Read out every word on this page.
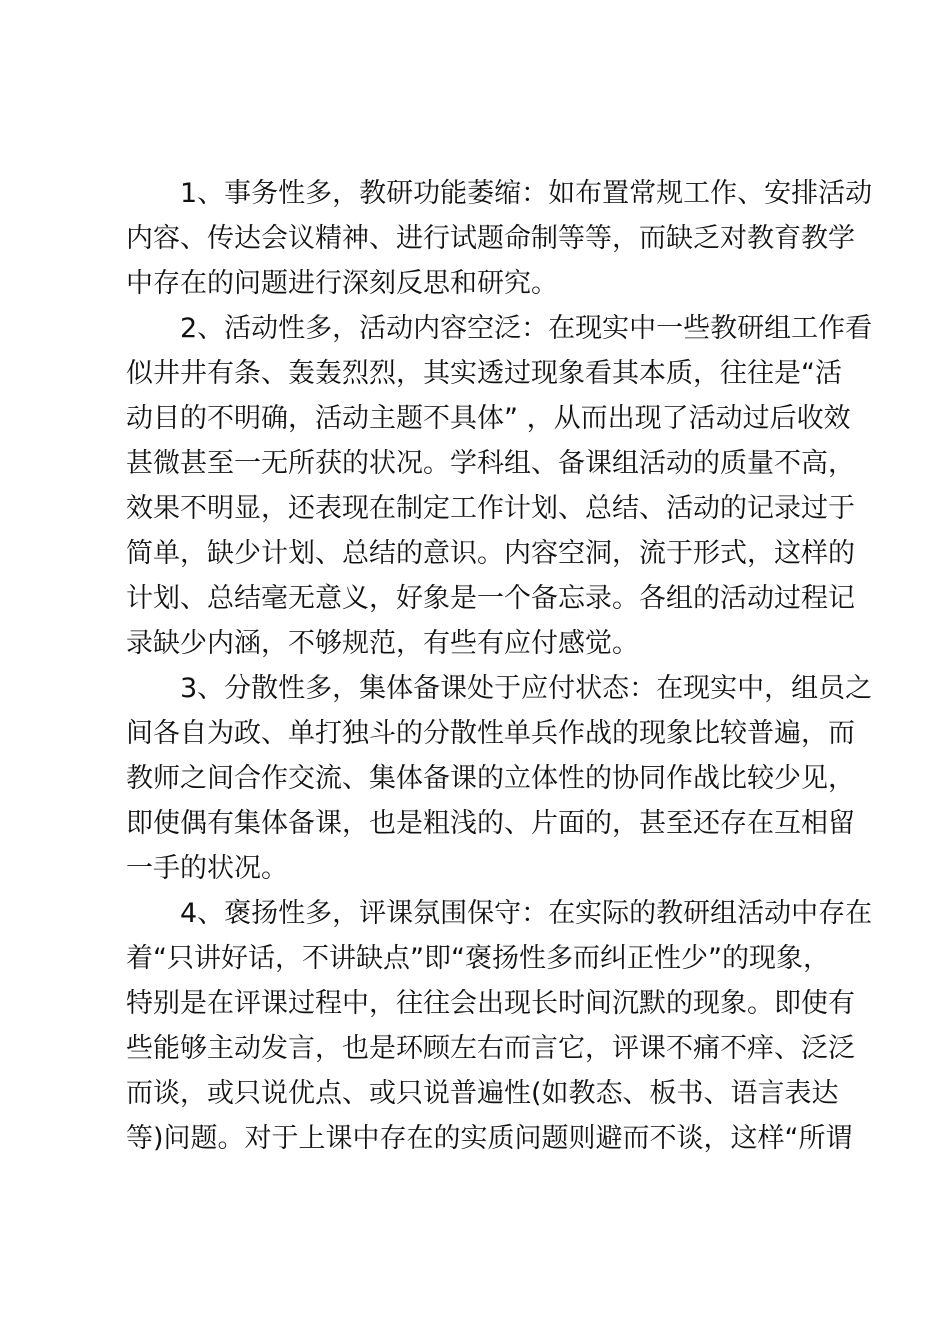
1、事务性多，教研功能萎缩：如布置常规工作、安排活动
内容、传达会议精神、进行试题命制等等，而缺乏对教育教学
中存在的问题进行深刻反思和研究。
2、活动性多，活动内容空泛：在现实中一些教研组工作看
似井井有条、轰轰烈烈，其实透过现象看其本质，往往是“活
动目的不明确，活动主题不具体” ，从而出现了活动过后收效
甚微甚至一无所获的状况。学科组、备课组活动的质量不高，
效果不明显，还表现在制定工作计划、总结、活动的记录过于
简单，缺少计划、总结的意识。内容空洞，流于形式，这样的
计划、总结毫无意义，好象是一个备忘录。各组的活动过程记
录缺少内涵，不够规范，有些有应付感觉。
3、分散性多，集体备课处于应付状态：在现实中，组员之
间各自为政、单打独斗的分散性单兵作战的现象比较普遍，而
教师之间合作交流、集体备课的立体性的协同作战比较少见，
即使偶有集体备课，也是粗浅的、片面的，甚至还存在互相留
一手的状况。
4、褒扬性多，评课氛围保守：在实际的教研组活动中存在
着“只讲好话，不讲缺点”即“褒扬性多而纠正性少”的现象，
特别是在评课过程中，往往会出现长时间沉默的现象。即使有
些能够主动发言，也是环顾左右而言它，评课不痛不痒、泛泛
而谈，或只说优点、或只说普遍性(如教态、板书、语言表达
等)问题。对于上课中存在的实质问题则避而不谈，这样“所谓
